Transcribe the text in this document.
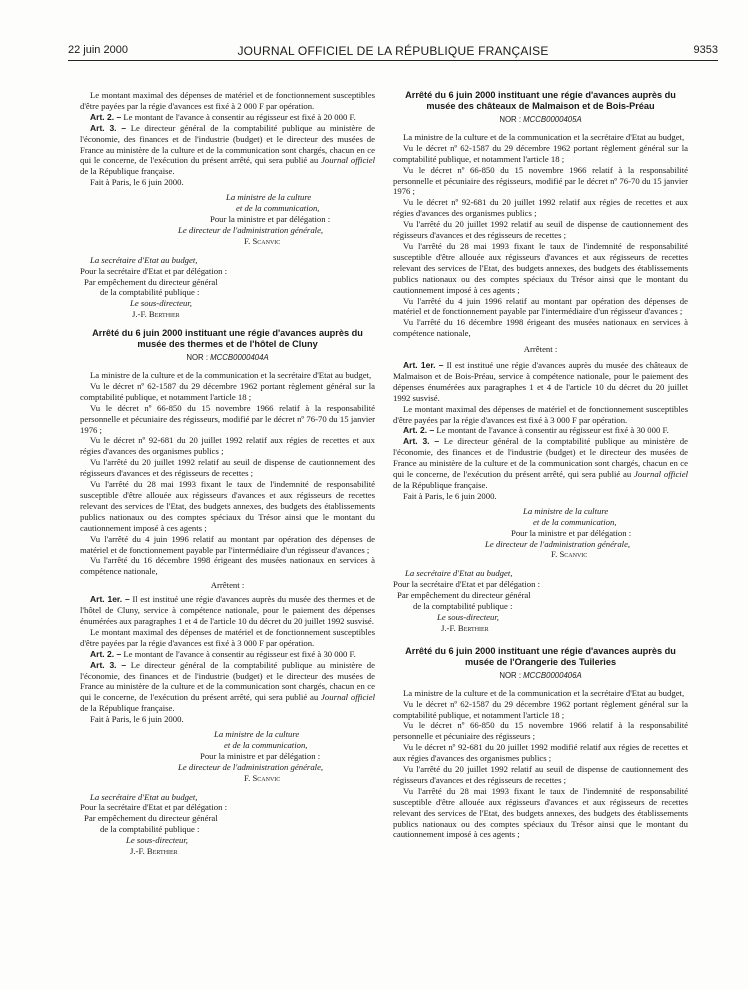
22 juin 2000	JOURNAL OFFICIEL DE LA RÉPUBLIQUE FRANÇAISE	9353

Le montant maximal des dépenses de matériel et de fonctionnement susceptibles d'être payées par la régie d'avances est fixé à 2 000 F par opération.

Art. 2. – Le montant de l'avance à consentir au régisseur est fixé à 20 000 F.

Art. 3. – Le directeur général de la comptabilité publique au ministère de l'économie, des finances et de l'industrie (budget) et le directeur des musées de France au ministère de la culture et de la communication sont chargés, chacun en ce qui le concerne, de l'exécution du présent arrêté, qui sera publié au Journal officiel de la République française.

Fait à Paris, le 6 juin 2000.

La ministre de la culture
et de la communication,
Pour la ministre et par délégation :
Le directeur de l'administration générale,
F. Scanvic
La secrétaire d'Etat au budget,
Pour la secrétaire d'Etat et par délégation :
Par empêchement du directeur général
de la comptabilité publique :
Le sous-directeur,
J.-F. Berthier
Arrêté du 6 juin 2000 instituant une régie d'avances auprès du musée des thermes et de l'hôtel de Cluny
NOR : MCCB0000404A

La ministre de la culture et de la communication et la secrétaire d'Etat au budget,

Vu le décret nº 62-1587 du 29 décembre 1962 portant règlement général sur la comptabilité publique, et notamment l'article 18 ;

Vu le décret nº 66-850 du 15 novembre 1966 relatif à la responsabilité personnelle et pécuniaire des régisseurs, modifié par le décret nº 76-70 du 15 janvier 1976 ;

Vu le décret nº 92-681 du 20 juillet 1992 relatif aux régies de recettes et aux régies d'avances des organismes publics ;

Vu l'arrêté du 20 juillet 1992 relatif au seuil de dispense de cautionnement des régisseurs d'avances et des régisseurs de recettes ;

Vu l'arrêté du 28 mai 1993 fixant le taux de l'indemnité de responsabilité susceptible d'être allouée aux régisseurs d'avances et aux régisseurs de recettes relevant des services de l'Etat, des budgets annexes, des budgets des établissements publics nationaux ou des comptes spéciaux du Trésor ainsi que le montant du cautionnement imposé à ces agents ;

Vu l'arrêté du 4 juin 1996 relatif au montant par opération des dépenses de matériel et de fonctionnement payable par l'intermédiaire d'un régisseur d'avances ;

Vu l'arrêté du 16 décembre 1998 érigeant des musées nationaux en services à compétence nationale,

Arrêtent :

Art. 1er. – Il est institué une régie d'avances auprès du musée des thermes et de l'hôtel de Cluny, service à compétence nationale, pour le paiement des dépenses énumérées aux paragraphes 1 et 4 de l'article 10 du décret du 20 juillet 1992 susvisé.

Le montant maximal des dépenses de matériel et de fonctionnement susceptibles d'être payées par la régie d'avances est fixé à 3 000 F par opération.

Art. 2. – Le montant de l'avance à consentir au régisseur est fixé à 30 000 F.

Art. 3. – Le directeur général de la comptabilité publique au ministère de l'économie, des finances et de l'industrie (budget) et le directeur des musées de France au ministère de la culture et de la communication sont chargés, chacun en ce qui le concerne, de l'exécution du présent arrêté, qui sera publié au Journal officiel de la République française.

Fait à Paris, le 6 juin 2000.

La ministre de la culture
et de la communication,
Pour la ministre et par délégation :
Le directeur de l'administration générale,
F. Scanvic
La secrétaire d'Etat au budget,
Pour la secrétaire d'Etat et par délégation :
Par empêchement du directeur général
de la comptabilité publique :
Le sous-directeur,
J.-F. Berthier
Arrêté du 6 juin 2000 instituant une régie d'avances auprès du musée des châteaux de Malmaison et de Bois-Préau
NOR : MCCB0000405A

La ministre de la culture et de la communication et la secrétaire d'Etat au budget,

Vu le décret nº 62-1587 du 29 décembre 1962 portant règlement général sur la comptabilité publique, et notamment l'article 18 ;

Vu le décret nº 66-850 du 15 novembre 1966 relatif à la responsabilité personnelle et pécuniaire des régisseurs, modifié par le décret nº 76-70 du 15 janvier 1976 ;

Vu le décret nº 92-681 du 20 juillet 1992 relatif aux régies de recettes et aux régies d'avances des organismes publics ;

Vu l'arrêté du 20 juillet 1992 relatif au seuil de dispense de cautionnement des régisseurs d'avances et des régisseurs de recettes ;

Vu l'arrêté du 28 mai 1993 fixant le taux de l'indemnité de responsabilité susceptible d'être allouée aux régisseurs d'avances et aux régisseurs de recettes relevant des services de l'Etat, des budgets annexes, des budgets des établissements publics nationaux ou des comptes spéciaux du Trésor ainsi que le montant du cautionnement imposé à ces agents ;

Vu l'arrêté du 4 juin 1996 relatif au montant par opération des dépenses de matériel et de fonctionnement payable par l'intermédiaire d'un régisseur d'avances ;

Vu l'arrêté du 16 décembre 1998 érigeant des musées nationaux en services à compétence nationale,

Arrêtent :

Art. 1er. – Il est institué une régie d'avances auprès du musée des châteaux de Malmaison et de Bois-Préau, service à compétence nationale, pour le paiement des dépenses énumérées aux paragraphes 1 et 4 de l'article 10 du décret du 20 juillet 1992 susvisé.

Le montant maximal des dépenses de matériel et de fonctionnement susceptibles d'être payées par la régie d'avances est fixé à 3 000 F par opération.

Art. 2. – Le montant de l'avance à consentir au régisseur est fixé à 30 000 F.

Art. 3. – Le directeur général de la comptabilité publique au ministère de l'économie, des finances et de l'industrie (budget) et le directeur des musées de France au ministère de la culture et de la communication sont chargés, chacun en ce qui le concerne, de l'exécution du présent arrêté, qui sera publié au Journal officiel de la République française.

Fait à Paris, le 6 juin 2000.

La ministre de la culture
et de la communication,
Pour la ministre et par délégation :
Le directeur de l'administration générale,
F. Scanvic
La secrétaire d'Etat au budget,
Pour la secrétaire d'Etat et par délégation :
Par empêchement du directeur général
de la comptabilité publique :
Le sous-directeur,
J.-F. Berthier
Arrêté du 6 juin 2000 instituant une régie d'avances auprès du musée de l'Orangerie des Tuileries
NOR : MCCB0000406A

La ministre de la culture et de la communication et la secrétaire d'Etat au budget,

Vu le décret nº 62-1587 du 29 décembre 1962 portant règlement général sur la comptabilité publique, et notamment l'article 18 ;

Vu le décret nº 66-850 du 15 novembre 1966 relatif à la responsabilité personnelle et pécuniaire des régisseurs ;

Vu le décret nº 92-681 du 20 juillet 1992 modifié relatif aux régies de recettes et aux régies d'avances des organismes publics ;

Vu l'arrêté du 20 juillet 1992 relatif au seuil de dispense de cautionnement des régisseurs d'avances et des régisseurs de recettes ;

Vu l'arrêté du 28 mai 1993 fixant le taux de l'indemnité de responsabilité susceptible d'être allouée aux régisseurs d'avances et aux régisseurs de recettes relevant des services de l'Etat, des budgets annexes, des budgets des établissements publics nationaux ou des comptes spéciaux du Trésor ainsi que le montant du cautionnement imposé à ces agents ;
